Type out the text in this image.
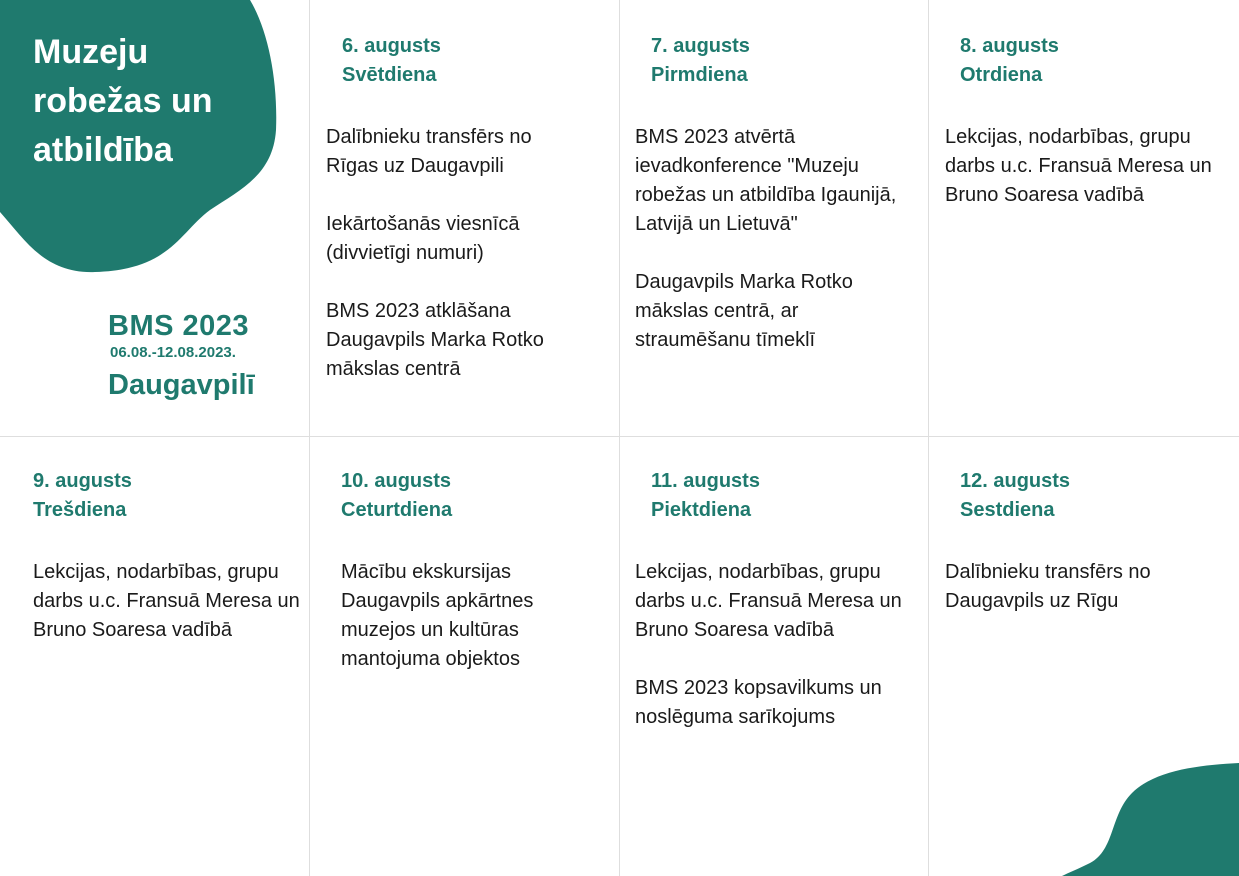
Muzeju robežas un atbildība
BMS 2023
06.08.-12.08.2023.
Daugavpilī
6. augusts
Svētdiena
Dalībnieku transfērs no Rīgas uz Daugavpili
Iekārtošanās viesnīcā (divvietīgi numuri)
BMS 2023 atklāšana Daugavpils Marka Rotko mākslas centrā
7. augusts
Pirmdiena
BMS 2023 atvērtā ievadkonference "Muzeju robežas un atbildība Igaunijā, Latvijā un Lietuvā"
Daugavpils Marka Rotko mākslas centrā, ar straumēšanu tīmeklī
8. augusts
Otrdiena
Lekcijas, nodarbības, grupu darbs u.c. Fransuā Meresa un Bruno Soaresa vadībā
9. augusts
Trešdiena
Lekcijas, nodarbības, grupu darbs u.c. Fransuā Meresa un Bruno Soaresa vadībā
10. augusts
Ceturtdiena
Mācību ekskursijas Daugavpils apkārtnes muzejos un kultūras mantojuma objektos
11. augusts
Piektdiena
Lekcijas, nodarbības, grupu darbs u.c. Fransuā Meresa un Bruno Soaresa vadībā
BMS 2023 kopsavilkums un noslēguma sarīkojums
12. augusts
Sestdiena
Dalībnieku transfērs no Daugavpils uz Rīgu
